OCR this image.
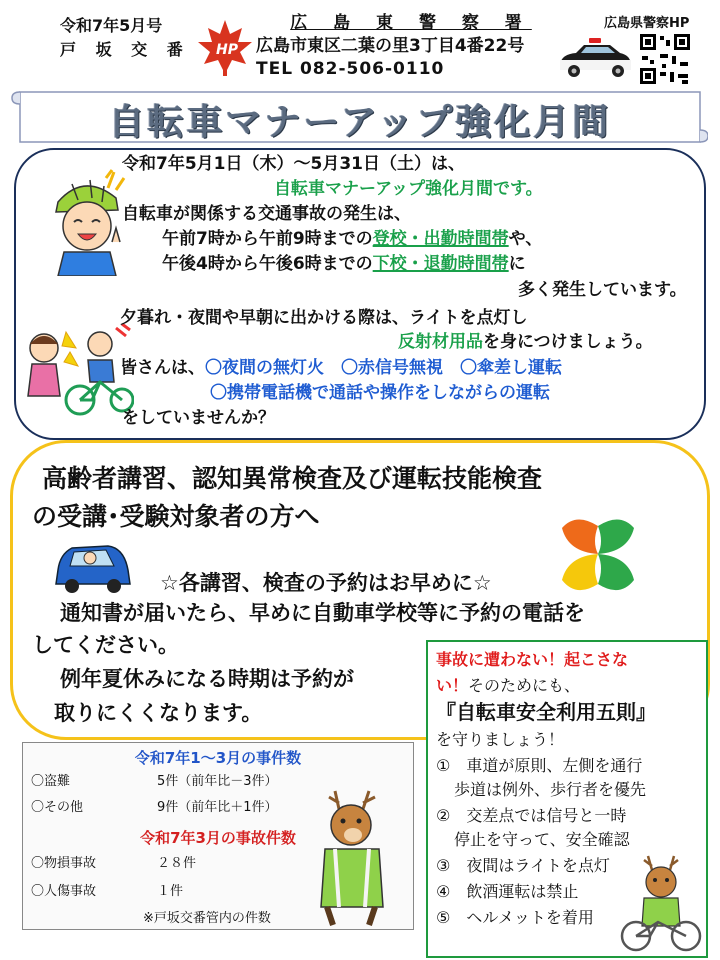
令和7年5月号
戸 坂 交 番 HP
広 島 東 警 察 署
広島市東区二葉の里3丁目4番22号
TEL 082-506-0110
広島県警察HP
自転車マナーアップ強化月間
令和7年5月1日（木）～5月31日（土）は、
自転車マナーアップ強化月間です。
自転車が関係する交通事故の発生は、
午前7時から午前9時までの登校・出勤時間帯や、
午後4時から午後6時までの下校・退勤時間帯に
多く発生しています。
夕暮れ・夜間や早朝に出かける際は、ライトを点灯し
反射材用品を身につけましょう。
皆さんは、〇夜間の無灯火　〇赤信号無視　〇傘差し運転
〇携帯電話機で通話や操作をしながらの運転
をしていませんか？
高齢者講習、認知異常検査及び運転技能検査
の受講･受験対象者の方へ
☆各講習、検査の予約はお早めに☆
通知書が届いたら、早めに自動車学校等に予約の電話を
してください。
例年夏休みになる時期は予約が
取りにくくなります。
令和7年1～3月の事件数
〇盗難	5件（前年比－3件）
〇その他	9件（前年比＋1件）
令和7年3月の事故件数
〇物損事故	２８件
〇人傷事故	１件
※戸坂交番管内の件数
事故に遭わない！起こさな
い！そのためにも、
『自転車安全利用五則』
を守りましょう！
①　車道が原則、左側を通行
歩道は例外、歩行者を優先
②　交差点では信号と一時
停止を守って、安全確認
③　夜間はライトを点灯
④　飲酒運転は禁止
⑤　ヘルメットを着用
